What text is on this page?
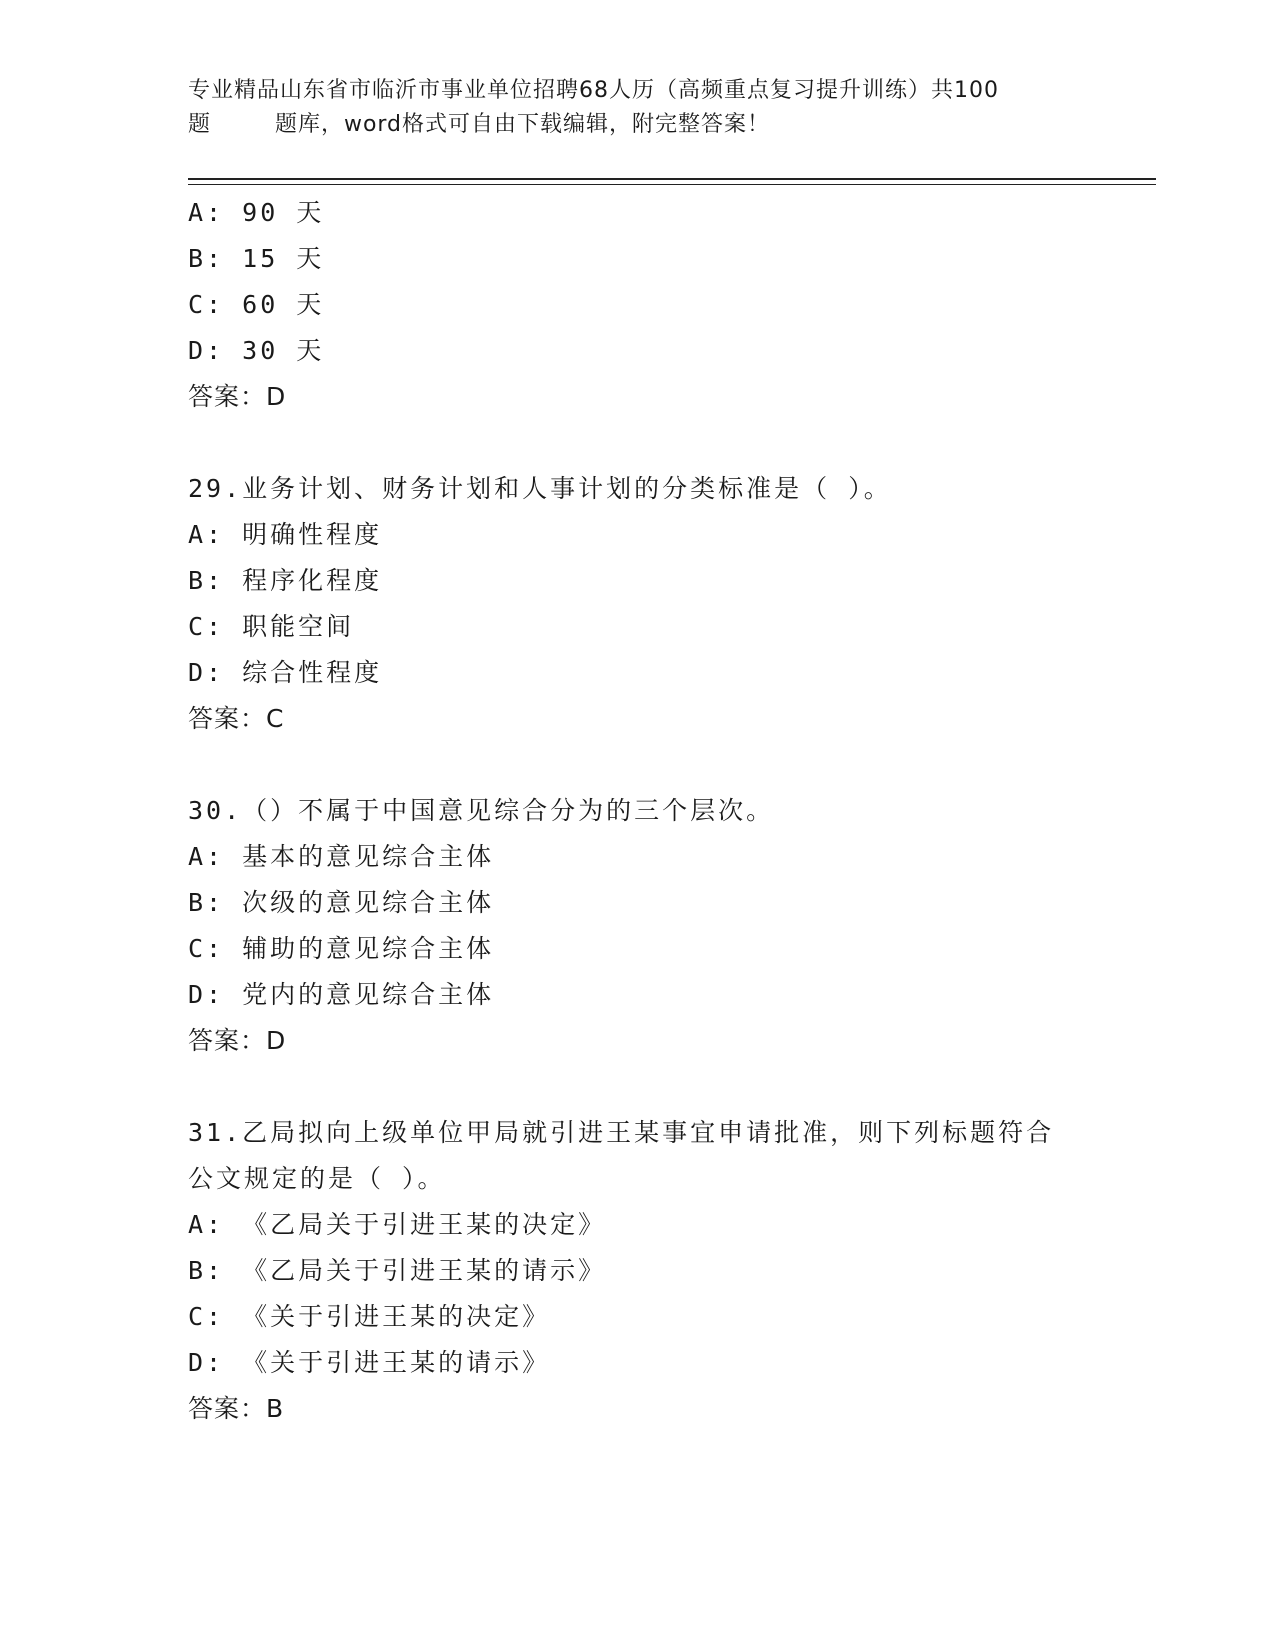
专业精品山东省市临沂市事业单位招聘68人历（高频重点复习提升训练）共100

题        题库，word格式可自由下载编辑，附完整答案！
A: 90 天
B: 15 天
C: 60 天
D: 30 天
答案：D
29.业务计划、财务计划和人事计划的分类标准是（ ）。
A: 明确性程度
B: 程序化程度
C: 职能空间
D: 综合性程度
答案：C
30.（）不属于中国意见综合分为的三个层次。
A: 基本的意见综合主体
B: 次级的意见综合主体
C: 辅助的意见综合主体
D: 党内的意见综合主体
答案：D
31.乙局拟向上级单位甲局就引进王某事宜申请批准，则下列标题符合公文规定的是（ ）。
A: 《乙局关于引进王某的决定》
B: 《乙局关于引进王某的请示》
C: 《关于引进王某的决定》
D: 《关于引进王某的请示》
答案：B
